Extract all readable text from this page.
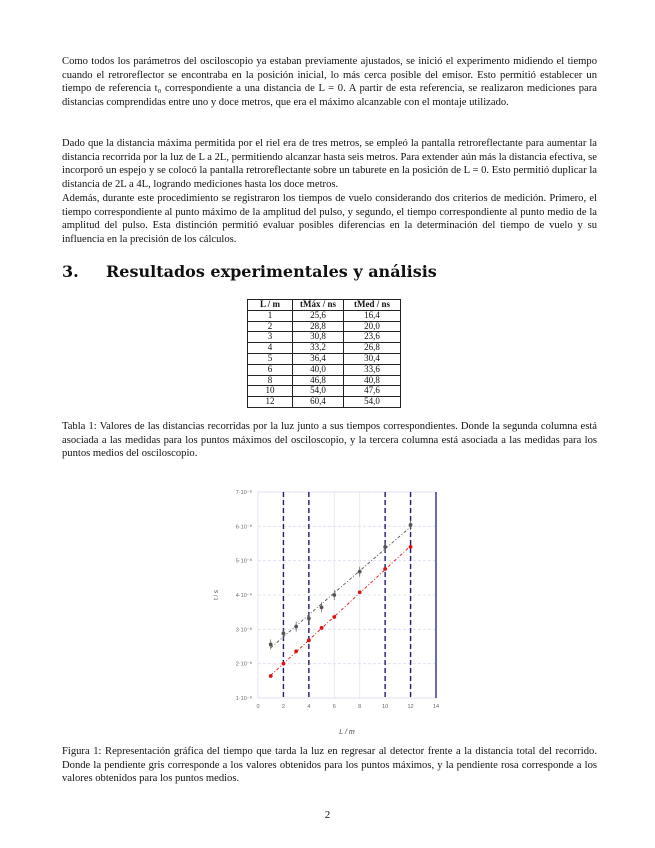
Como todos los parámetros del osciloscopio ya estaban previamente ajustados, se inició el experimento midiendo el tiempo cuando el retroreflector se encontraba en la posición inicial, lo más cerca posible del emisor. Esto permitió establecer un tiempo de referencia t₀ correspondiente a una distancia de L = 0. A partir de esta referencia, se realizaron mediciones para distancias comprendidas entre uno y doce metros, que era el máximo alcanzable con el montaje utilizado.

Dado que la distancia máxima permitida por el riel era de tres metros, se empleó la pantalla retroreflectante para aumentar la distancia recorrida por la luz de L a 2L, permitiendo alcanzar hasta seis metros. Para extender aún más la distancia efectiva, se incorporó un espejo y se colocó la pantalla retroreflectante sobre un taburete en la posición de L = 0. Esto permitió duplicar la distancia de 2L a 4L, logrando mediciones hasta los doce metros.

Además, durante este procedimiento se registraron los tiempos de vuelo considerando dos criterios de medición. Primero, el tiempo correspondiente al punto máximo de la amplitud del pulso, y segundo, el tiempo correspondiente al punto medio de la amplitud del pulso. Esta distinción permitió evaluar posibles diferencias en la determinación del tiempo de vuelo y su influencia en la precisión de los cálculos.

3. Resultados experimentales y análisis
L / m	tMáx / ns	tMed / ns
1	25,6	16,4
2	28,8	20,0
3	30,8	23,6
4	33,2	26,8
5	36,4	30,4
6	40,0	33,6
8	46,8	40,8
10	54,0	47,6
12	60,4	54,0

Tabla 1: Valores de las distancias recorridas por la luz junto a sus tiempos correspondientes. Donde la segunda columna está asociada a las medidas para los puntos máximos del osciloscopio, y la tercera columna está asociada a las medidas para los puntos medios del osciloscopio.

1·10⁻⁸
2·10⁻⁸
3·10⁻⁸
4·10⁻⁸
5·10⁻⁸
6·10⁻⁸
7·10⁻⁸
0	2	4	6	8	10	12	14
L / m
t / s

Figura 1: Representación gráfica del tiempo que tarda la luz en regresar al detector frente a la distancia total del recorrido. Donde la pendiente gris corresponde a los valores obtenidos para los puntos máximos, y la pendiente rosa corresponde a los valores obtenidos para los puntos medios.

2
